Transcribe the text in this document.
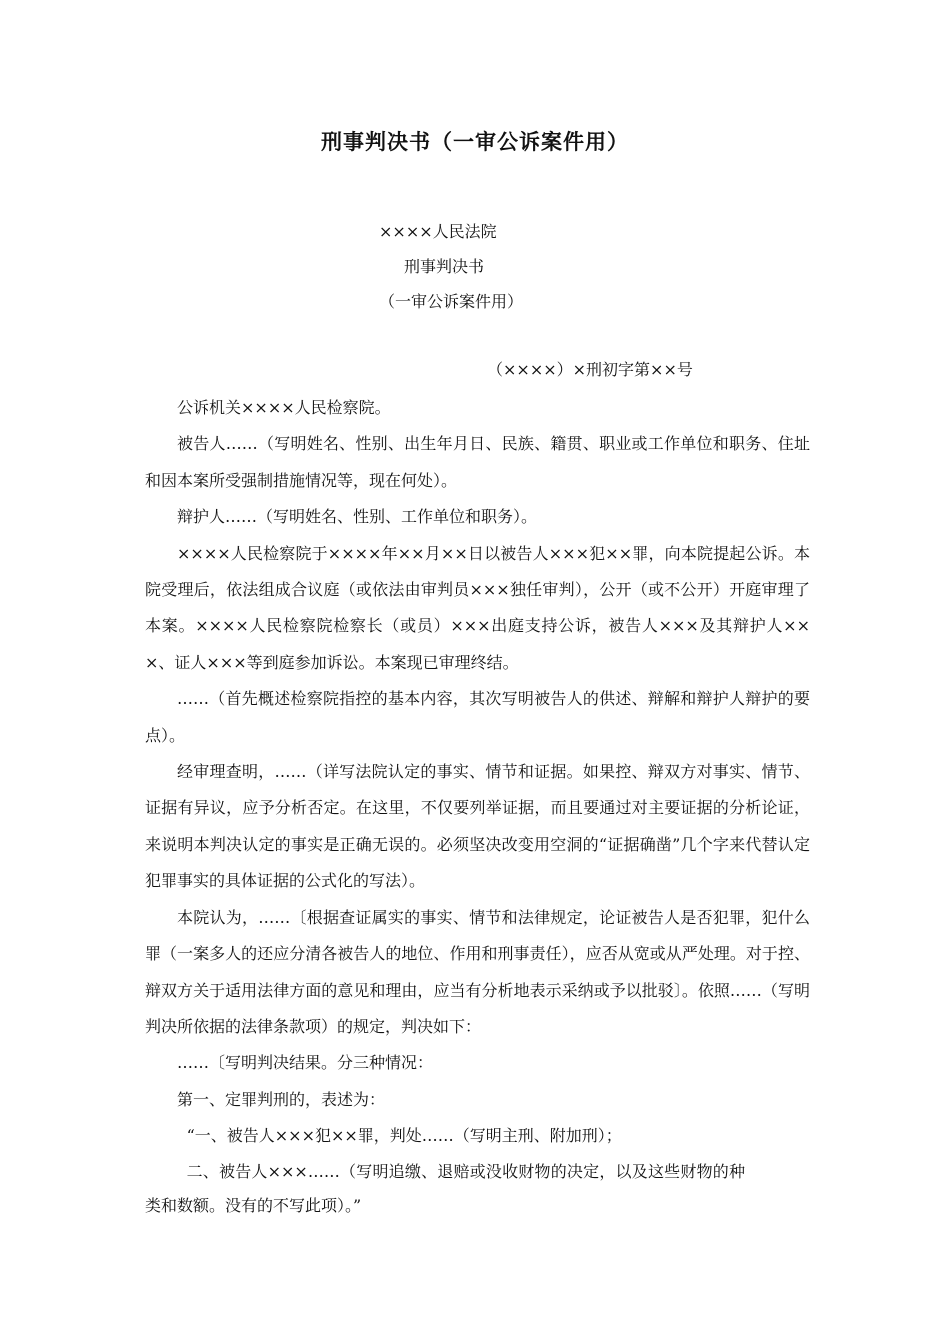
刑事判决书（一审公诉案件用）
××××人民法院
刑事判决书
（一审公诉案件用）
（××××）×刑初字第××号

公诉机关××××人民检察院。

被告人……（写明姓名、性别、出生年月日、民族、籍贯、职业或工作单位和职务、住址和因本案所受强制措施情况等，现在何处）。

辩护人……（写明姓名、性别、工作单位和职务）。

××××人民检察院于××××年××月××日以被告人×××犯××罪，向本院提起公诉。本院受理后，依法组成合议庭（或依法由审判员×××独任审判），公开（或不公开）开庭审理了本案。××××人民检察院检察长（或员）×××出庭支持公诉，被告人×××及其辩护人×××、证人×××等到庭参加诉讼。本案现已审理终结。

……（首先概述检察院指控的基本内容，其次写明被告人的供述、辩解和辩护人辩护的要点）。

经审理查明，……（详写法院认定的事实、情节和证据。如果控、辩双方对事实、情节、证据有异议，应予分析否定。在这里，不仅要列举证据，而且要通过对主要证据的分析论证，来说明本判决认定的事实是正确无误的。必须坚决改变用空洞的“证据确凿”几个字来代替认定犯罪事实的具体证据的公式化的写法）。

本院认为，……〔根据查证属实的事实、情节和法律规定，论证被告人是否犯罪，犯什么罪（一案多人的还应分清各被告人的地位、作用和刑事责任），应否从宽或从严处理。对于控、辩双方关于适用法律方面的意见和理由，应当有分析地表示采纳或予以批驳〕。依照……（写明判决所依据的法律条款项）的规定，判决如下：

……〔写明判决结果。分三种情况：

第一、定罪判刑的，表述为：

“一、被告人×××犯××罪，判处……（写明主刑、附加刑）；

二、被告人×××……（写明追缴、退赔或没收财物的决定，以及这些财物的种类和数额。没有的不写此项）。”
